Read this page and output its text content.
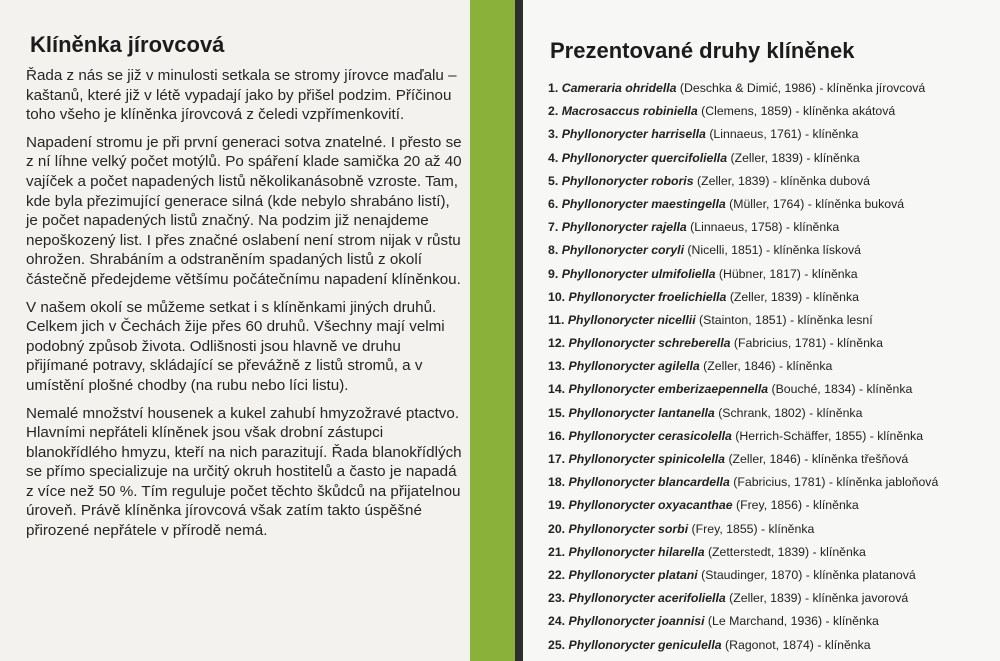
Klíněnka jírovcová

Řada z nás se již v minulosti setkala se stromy jírovce maďalu – kaštanů, které již v létě vypadají jako by přišel podzim. Příčinou toho všeho je klíněnka jírovcová z čeledi vzpřímenkovití.

Napadení stromu je při první generaci sotva znatelné. I přesto se z ní líhne velký počet motýlů. Po spáření klade samička 20 až 40 vajíček a počet napadených listů několikanásobně vzroste. Tam, kde byla přezimující generace silná (kde nebylo shrabáno listí), je počet napadených listů značný. Na podzim již nenajdeme nepoškozený list. I přes značné oslabení není strom nijak v růstu ohrožen. Shrabáním a odstraněním spadaných listů z okolí částečně předejdeme většímu počátečnímu napadení klíněnkou.

V našem okolí se můžeme setkat i s klíněnkami jiných druhů. Celkem jich v Čechách žije přes 60 druhů. Všechny mají velmi podobný způsob života. Odlišnosti jsou hlavně ve druhu přijímané potravy, skládající se převážně z listů stromů, a v umístění plošné chodby (na rubu nebo líci listu).

Nemalé množství housenek a kukel zahubí hmyzožravé ptactvo. Hlavními nepřáteli klíněnek jsou však drobní zástupci blanokřídlého hmyzu, kteří na nich parazitují. Řada blanokřídlých se přímo specializuje na určitý okruh hostitelů a často je napadá z více než 50 %. Tím reguluje počet těchto škůdců na přijatelnou úroveň. Právě klíněnka jírovcová však zatím takto úspěšné přirozené nepřátele v přírodě nemá.

Prezentované druhy klíněnek
1. Cameraria ohridella (Deschka & Dimić, 1986) - klíněnka jírovcová
2. Macrosaccus robiniella (Clemens, 1859) - klíněnka akátová
3. Phyllonorycter harrisella (Linnaeus, 1761) - klíněnka
4. Phyllonorycter quercifoliella (Zeller, 1839) - klíněnka
5. Phyllonorycter roboris (Zeller, 1839) - klíněnka dubová
6. Phyllonorycter maestingella (Müller, 1764) - klíněnka buková
7. Phyllonorycter rajella (Linnaeus, 1758) - klíněnka
8. Phyllonorycter coryli (Nicelli, 1851) - klíněnka lísková
9. Phyllonorycter ulmifoliella (Hübner, 1817) - klíněnka
10. Phyllonorycter froelichiella (Zeller, 1839) - klíněnka
11. Phyllonorycter nicellii (Stainton, 1851) - klíněnka lesní
12. Phyllonorycter schreberella (Fabricius, 1781) - klíněnka
13. Phyllonorycter agilella (Zeller, 1846) - klíněnka
14. Phyllonorycter emberizaepennella (Bouché, 1834) - klíněnka
15. Phyllonorycter lantanella (Schrank, 1802) - klíněnka
16. Phyllonorycter cerasicolella (Herrich-Schäffer, 1855) - klíněnka
17. Phyllonorycter spinicolella (Zeller, 1846) - klíněnka třešňová
18. Phyllonorycter blancardella (Fabricius, 1781) - klíněnka jabloňová
19. Phyllonorycter oxyacanthae (Frey, 1856) - klíněnka
20. Phyllonorycter sorbi (Frey, 1855) - klíněnka
21. Phyllonorycter hilarella (Zetterstedt, 1839) - klíněnka
22. Phyllonorycter platani (Staudinger, 1870) - klíněnka platanová
23. Phyllonorycter acerifoliella (Zeller, 1839) - klíněnka javorová
24. Phyllonorycter joannisi (Le Marchand, 1936) - klíněnka
25. Phyllonorycter geniculella (Ragonot, 1874) - klíněnka
